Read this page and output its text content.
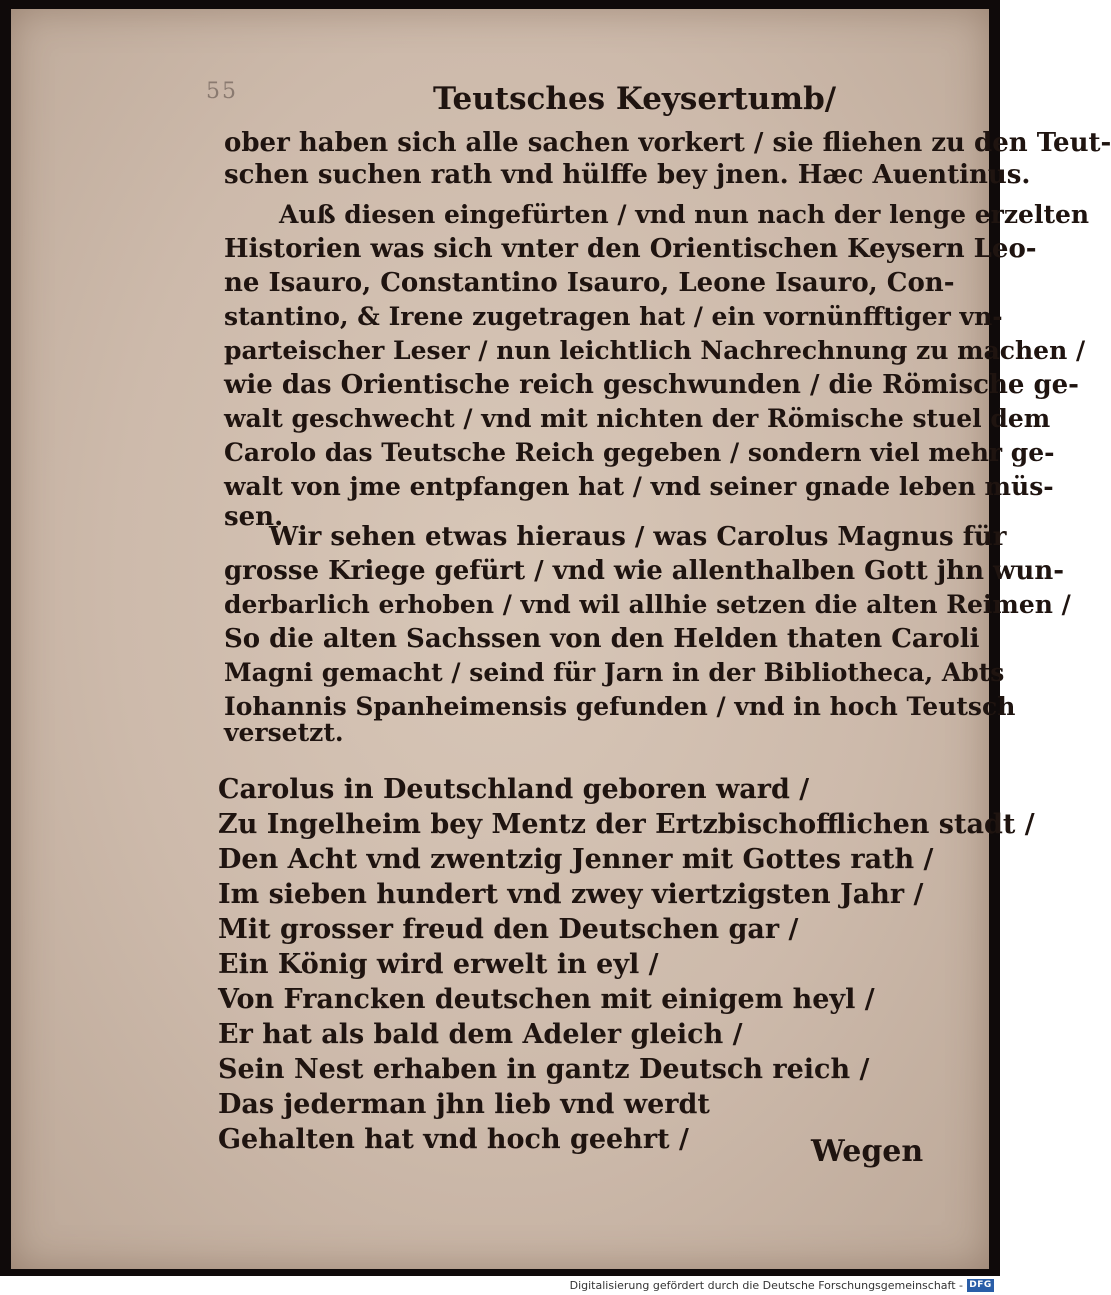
55	Teutsches Keysertumb/
ober haben sich alle sachen vorkert / sie fliehen zu den Teut-
schen suchen rath vnd hülffe bey jnen. Hæc Auentinus.
Auß diesen eingefürten / vnd nun nach der lenge erzelten
Historien was sich vnter den Orientischen Keysern Leo-
ne Isauro, Constantino Isauro, Leone Isauro, Con-
stantino, & Irene zugetragen hat / ein vornünfftiger vn-
parteischer Leser / nun leichtlich Nachrechnung zu machen /
wie das Orientische reich geschwunden / die Römische ge-
walt geschwecht / vnd mit nichten der Römische stuel dem
Carolo das Teutsche Reich gegeben / sondern viel mehr ge-
walt von jme entpfangen hat / vnd seiner gnade leben müs-
sen.
Wir sehen etwas hieraus / was Carolus Magnus für
grosse Kriege gefürt / vnd wie allenthalben Gott jhn wun-
derbarlich erhoben / vnd wil allhie setzen die alten Reimen /
So die alten Sachssen von den Helden thaten Caroli
Magni gemacht / seind für Jarn in der Bibliotheca, Abts
Iohannis Spanheimensis gefunden / vnd in hoch Teutsch
versetzt.
Carolus in Deutschland geboren ward /
Zu Ingelheim bey Mentz der Ertzbischofflichen stadt /
Den Acht vnd zwentzig Jenner mit Gottes rath /
Im sieben hundert vnd zwey viertzigsten Jahr /
Mit grosser freud den Deutschen gar /
Ein König wird erwelt in eyl /
Von Francken deutschen mit einigem heyl /
Er hat als bald dem Adeler gleich /
Sein Nest erhaben in gantz Deutsch reich /
Das jederman jhn lieb vnd werdt
Gehalten hat vnd hoch geehrt /	Wegen
Digitalisierung gefördert durch die Deutsche Forschungsgemeinschaft - DFG
